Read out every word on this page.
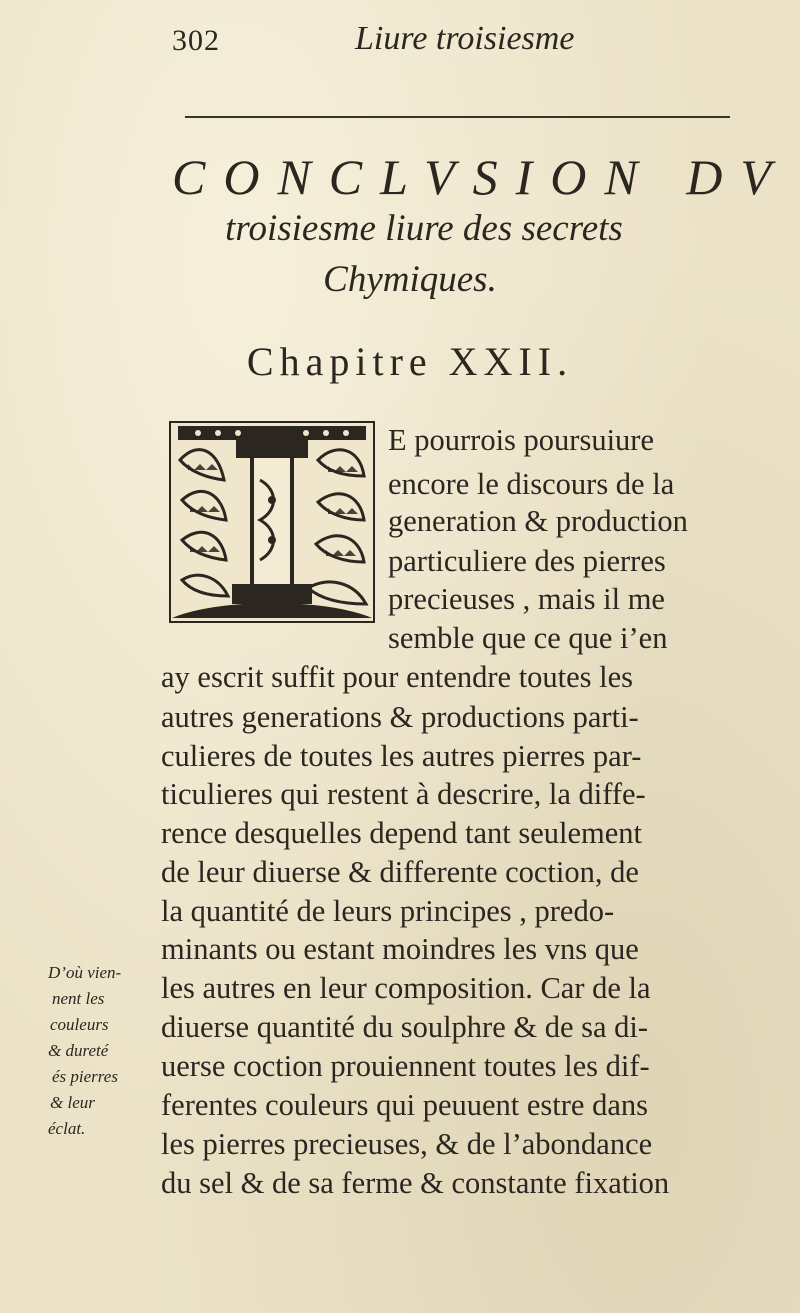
302	Liure troisiesme
CONCLVSION DV
troisiesme liure des secrets
Chymiques.
Chapitre XXII.
E pourrois poursuiure
encore le discours de la
generation & production
particuliere des pierres
precieuses , mais il me
semble que ce que i’en
ay escrit suffit pour entendre toutes les
autres generations & productions parti-
culieres de toutes les autres pierres par-
ticulieres qui restent à descrire, la diffe-
rence desquelles depend tant seulement
de leur diuerse & differente coction, de
la quantité de leurs principes , predo-
minants ou estant moindres les vns que
les autres en leur composition. Car de la
diuerse quantité du soulphre & de sa di-
uerse coction prouiennent toutes les dif-
ferentes couleurs qui peuuent estre dans
les pierres precieuses, & de l’abondance
du sel & de sa ferme & constante fixation
D’où vien-
nent les
couleurs
& dureté
és pierres
& leur
éclat.
